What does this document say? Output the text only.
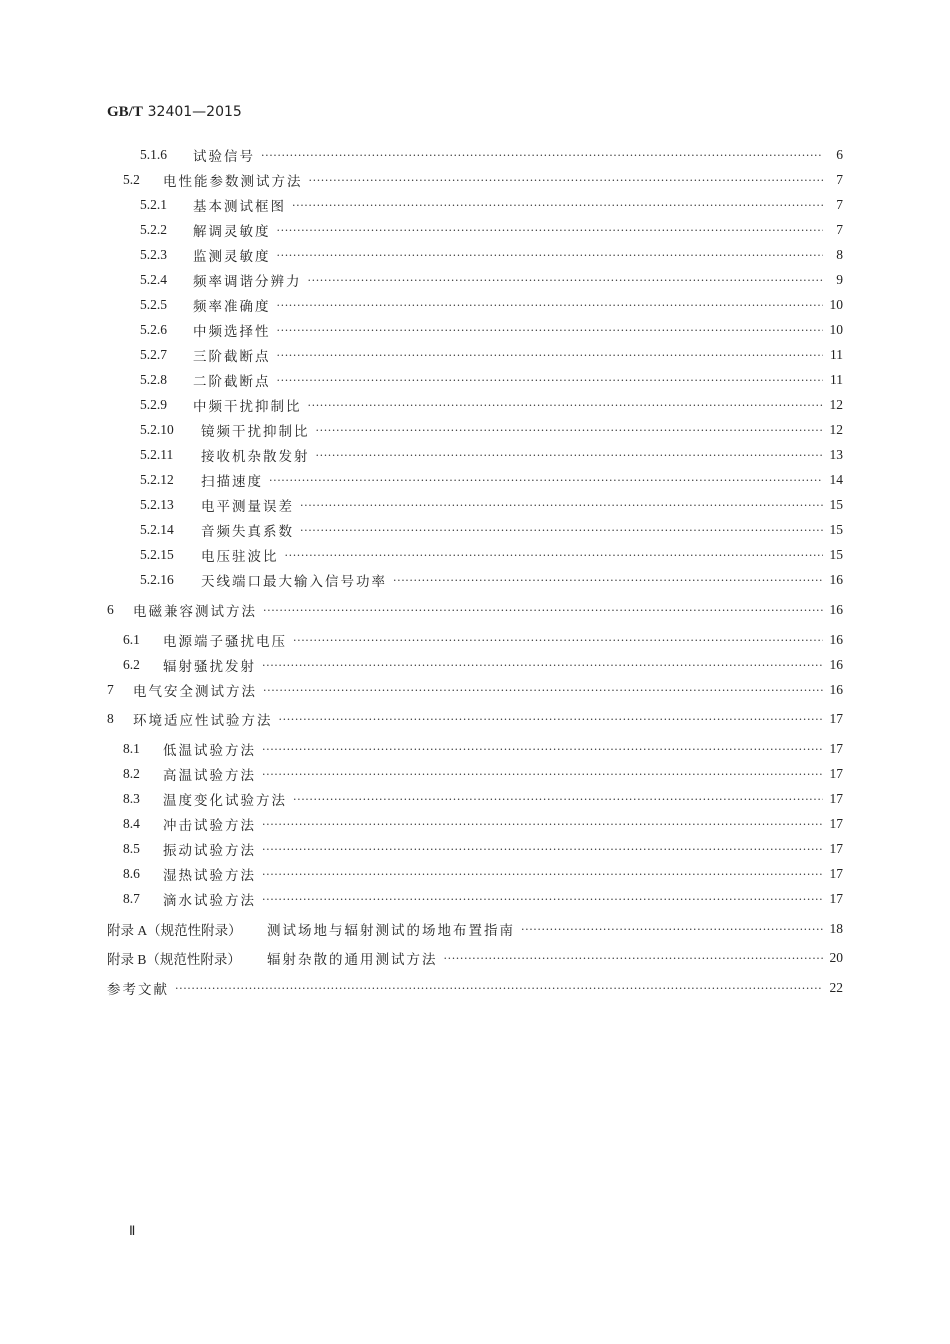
GB/T 32401—2015
5.1.6	试验信号 ·····	6
5.2	电性能参数测试方法 ·····	7
5.2.1	基本测试框图 ·····	7
5.2.2	解调灵敏度 ·····	7
5.2.3	监测灵敏度 ·····	8
5.2.4	频率调谐分辨力 ·····	9
5.2.5	频率准确度 ·····	10
5.2.6	中频选择性 ·····	10
5.2.7	三阶截断点 ·····	11
5.2.8	二阶截断点 ·····	11
5.2.9	中频干扰抑制比 ·····	12
5.2.10	镜频干扰抑制比 ·····	12
5.2.11	接收机杂散发射 ·····	13
5.2.12	扫描速度 ·····	14
5.2.13	电平测量误差 ·····	15
5.2.14	音频失真系数 ·····	15
5.2.15	电压驻波比 ·····	15
5.2.16	天线端口最大输入信号功率 ·····	16
6	电磁兼容测试方法 ·····	16
6.1	电源端子骚扰电压 ·····	16
6.2	辐射骚扰发射 ·····	16
7	电气安全测试方法 ·····	16
8	环境适应性试验方法 ·····	17
8.1	低温试验方法 ·····	17
8.2	高温试验方法 ·····	17
8.3	温度变化试验方法 ·····	17
8.4	冲击试验方法 ·····	17
8.5	振动试验方法 ·····	17
8.6	湿热试验方法 ·····	17
8.7	滴水试验方法 ·····	17
附录 A（规范性附录）	测试场地与辐射测试的场地布置指南 ·····	18
附录 B（规范性附录）	辐射杂散的通用测试方法 ·····	20
参考文献 ·····	22
Ⅱ
